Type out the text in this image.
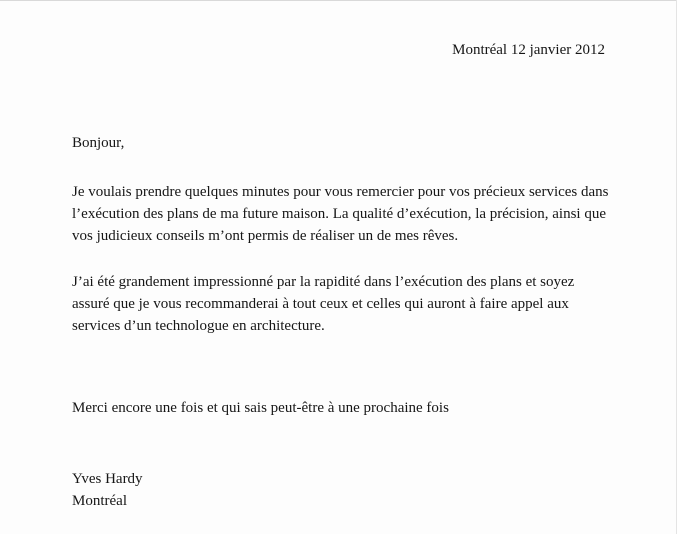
Montréal 12 janvier 2012
Bonjour,
Je voulais prendre quelques minutes pour vous remercier pour vos précieux services dans
l’exécution des plans de ma future maison. La qualité d’exécution, la précision, ainsi que
vos judicieux conseils m’ont permis de réaliser un de mes rêves.
J’ai été grandement impressionné par la rapidité dans l’exécution des plans et soyez
assuré que je vous recommanderai à tout ceux et celles qui auront à faire appel aux
services d’un technologue en architecture.
Merci encore une fois et qui sais peut-être à une prochaine fois
Yves Hardy
Montréal
